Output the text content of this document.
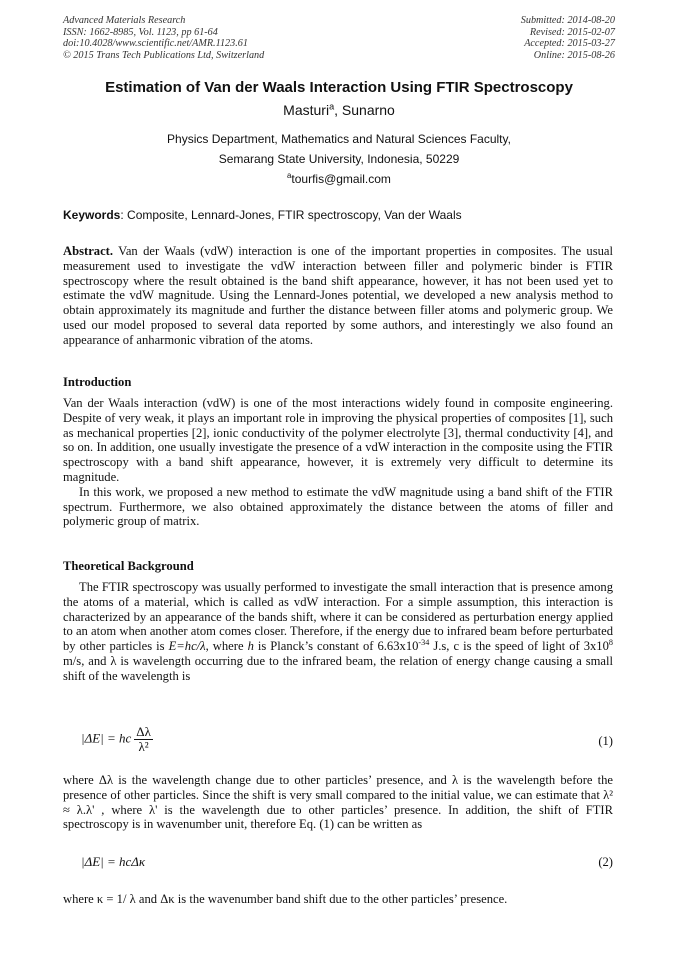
Advanced Materials Research
ISSN: 1662-8985, Vol. 1123, pp 61-64
doi:10.4028/www.scientific.net/AMR.1123.61
© 2015 Trans Tech Publications Ltd, Switzerland
Submitted: 2014-08-20
Revised: 2015-02-07
Accepted: 2015-03-27
Online: 2015-08-26
Estimation of Van der Waals Interaction Using FTIR Spectroscopy
Masturi$^a$, Sunarno
Physics Department, Mathematics and Natural Sciences Faculty,
Semarang State University, Indonesia, 50229
$^a$tourfis@gmail.com
Keywords: Composite, Lennard-Jones, FTIR spectroscopy, Van der Waals
Abstract. Van der Waals (vdW) interaction is one of the important properties in composites. The usual measurement used to investigate the vdW interaction between filler and polymeric binder is FTIR spectroscopy where the result obtained is the band shift appearance, however, it has not been used yet to estimate the vdW magnitude. Using the Lennard-Jones potential, we developed a new analysis method to obtain approximately its magnitude and further the distance between filler atoms and polymeric group. We used our model proposed to several data reported by some authors, and interestingly we also found an appearance of anharmonic vibration of the atoms.
Introduction
Van der Waals interaction (vdW) is one of the most interactions widely found in composite engineering. Despite of very weak, it plays an important role in improving the physical properties of composites [1], such as mechanical properties [2], ionic conductivity of the polymer electrolyte [3], thermal conductivity [4], and so on. In addition, one usually investigate the presence of a vdW interaction in the composite using the FTIR spectroscopy with a band shift appearance, however, it is extremely very difficult to determine its magnitude.
In this work, we proposed a new method to estimate the vdW magnitude using a band shift of the FTIR spectrum. Furthermore, we also obtained approximately the distance between the atoms of filler and polymeric group of matrix.
Theoretical Background
The FTIR spectroscopy was usually performed to investigate the small interaction that is presence among the atoms of a material, which is called as vdW interaction. For a simple assumption, this interaction is characterized by an appearance of the bands shift, where it can be considered as perturbation energy applied to an atom when another atom comes closer. Therefore, if the energy due to infrared beam before perturbated by other particles is E=hc/λ, where h is Planck’s constant of $6.63x10^{-34}$ J.s, c is the speed of light of $3x10^8$ m/s, and λ is wavelength occurring due to the infrared beam, the relation of energy change causing a small shift of the wavelength is
|ΔE| = hc $\frac{\Delta\lambda}{\text{λ²}}$	(1)
where Δλ is the wavelength change due to other particles’ presence, and λ is the wavelength before the presence of other particles. Since the shift is very small compared to the initial value, we can estimate that λ² ≈ λ.λ' , where λ' is the wavelength due to other particles’ presence. In addition, the shift of FTIR spectroscopy is in wavenumber unit, therefore Eq. (1) can be written as
|ΔE| = hcΔκ	(2)
where κ = 1/ λ and Δκ is the wavenumber band shift due to the other particles’ presence.
